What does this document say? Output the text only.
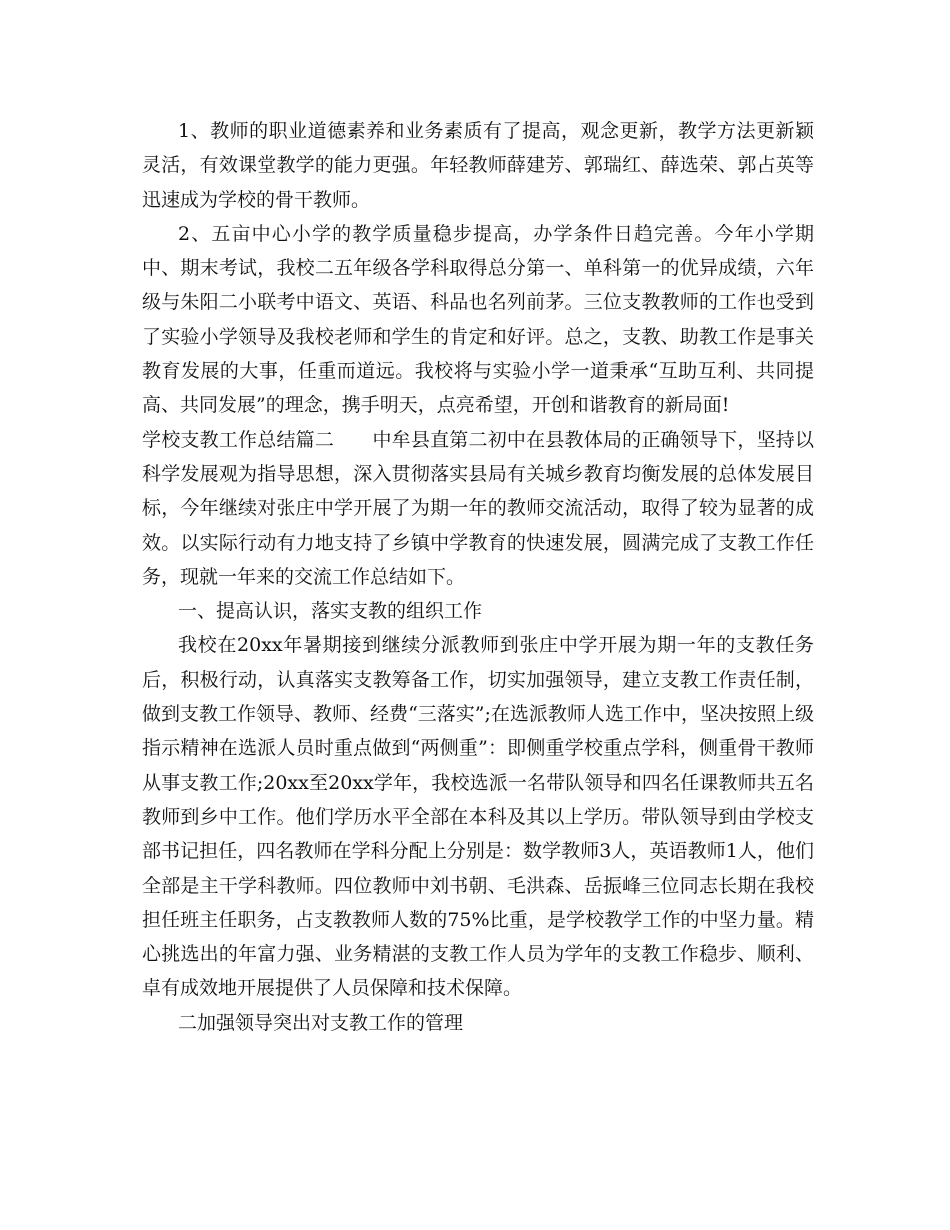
1、教师的职业道德素养和业务素质有了提高，观念更新，教学方法更新颖灵活，有效课堂教学的能力更强。年轻教师薛建芳、郭瑞红、薛选荣、郭占英等迅速成为学校的骨干教师。

2、五亩中心小学的教学质量稳步提高，办学条件日趋完善。今年小学期中、期末考试，我校二五年级各学科取得总分第一、单科第一的优异成绩，六年级与朱阳二小联考中语文、英语、科品也名列前茅。三位支教教师的工作也受到了实验小学领导及我校老师和学生的肯定和好评。总之，支教、助教工作是事关教育发展的大事，任重而道远。我校将与实验小学一道秉承“互助互利、共同提高、共同发展”的理念，携手明天，点亮希望，开创和谐教育的新局面!

学校支教工作总结篇二　　中牟县直第二初中在县教体局的正确领导下，坚持以科学发展观为指导思想，深入贯彻落实县局有关城乡教育均衡发展的总体发展目标，今年继续对张庄中学开展了为期一年的教师交流活动，取得了较为显著的成效。以实际行动有力地支持了乡镇中学教育的快速发展，圆满完成了支教工作任务，现就一年来的交流工作总结如下。

一、提高认识，落实支教的组织工作

我校在20xx年暑期接到继续分派教师到张庄中学开展为期一年的支教任务后，积极行动，认真落实支教筹备工作，切实加强领导，建立支教工作责任制，做到支教工作领导、教师、经费“三落实”;在选派教师人选工作中，坚决按照上级指示精神在选派人员时重点做到“两侧重”：即侧重学校重点学科，侧重骨干教师从事支教工作;20xx至20xx学年，我校选派一名带队领导和四名任课教师共五名教师到乡中工作。他们学历水平全部在本科及其以上学历。带队领导到由学校支部书记担任，四名教师在学科分配上分别是：数学教师3人，英语教师1人，他们全部是主干学科教师。四位教师中刘书朝、毛洪森、岳振峰三位同志长期在我校担任班主任职务，占支教教师人数的75%比重，是学校教学工作的中坚力量。精心挑选出的年富力强、业务精湛的支教工作人员为学年的支教工作稳步、顺利、卓有成效地开展提供了人员保障和技术保障。

二加强领导突出对支教工作的管理
